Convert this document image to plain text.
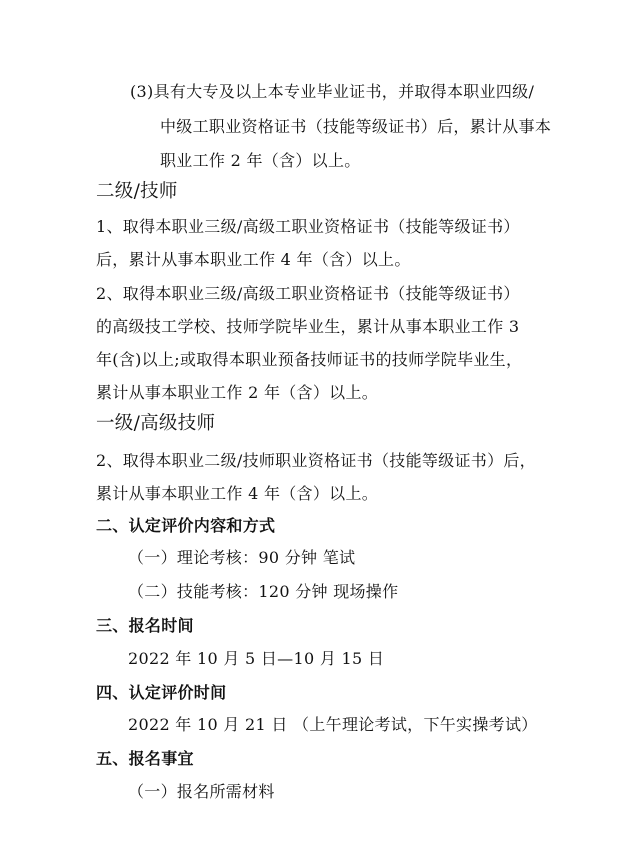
(3)具有大专及以上本专业毕业证书，并取得本职业四级/
中级工职业资格证书（技能等级证书）后，累计从事本
职业工作 2 年（含）以上。
二级/技师
1、取得本职业三级/高级工职业资格证书（技能等级证书）
后，累计从事本职业工作 4 年（含）以上。
2、取得本职业三级/高级工职业资格证书（技能等级证书）
的高级技工学校、技师学院毕业生，累计从事本职业工作 3
年(含)以上;或取得本职业预备技师证书的技师学院毕业生，
累计从事本职业工作 2 年（含）以上。
一级/高级技师
2、取得本职业二级/技师职业资格证书（技能等级证书）后，
累计从事本职业工作 4 年（含）以上。
二、认定评价内容和方式
（一）理论考核：90 分钟 笔试
（二）技能考核：120 分钟 现场操作
三、报名时间
2022 年 10 月 5 日—10 月 15 日
四、认定评价时间
2022 年 10 月 21 日 （上午理论考试，下午实操考试）
五、报名事宜
（一）报名所需材料
